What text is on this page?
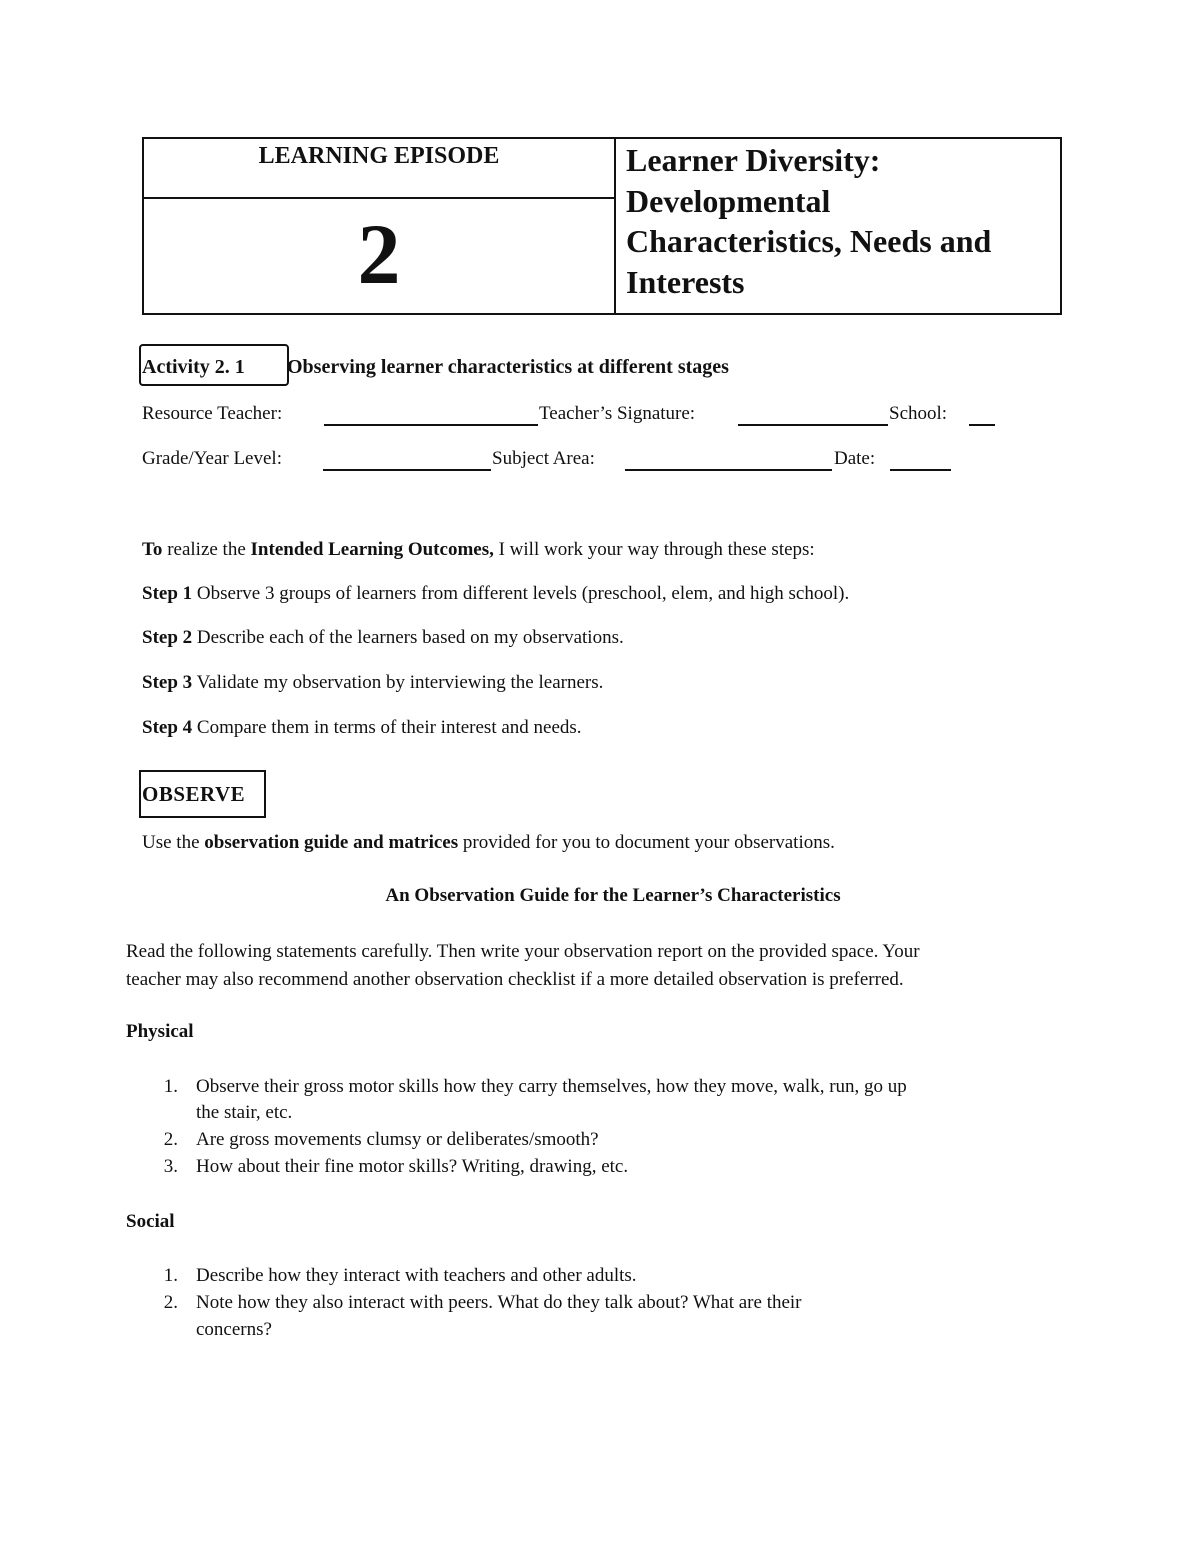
LEARNING EPISODE
2
Learner Diversity:
Developmental
Characteristics, Needs and
Interests
Activity 2. 1 Observing learner characteristics at different stages
Resource Teacher:	Teacher’s Signature:	School:
Grade/Year Level:	Subject Area:	Date:
To realize the Intended Learning Outcomes, I will work your way through these steps:
Step 1 Observe 3 groups of learners from different levels (preschool, elem, and high school).
Step 2 Describe each of the learners based on my observations.
Step 3 Validate my observation by interviewing the learners.
Step 4 Compare them in terms of their interest and needs.
OBSERVE
Use the observation guide and matrices provided for you to document your observations.
An Observation Guide for the Learner’s Characteristics
Read the following statements carefully. Then write your observation report on the provided space. Your
teacher may also recommend another observation checklist if a more detailed observation is preferred.
Physical
1. Observe their gross motor skills how they carry themselves, how they move, walk, run, go up
the stair, etc.
2. Are gross movements clumsy or deliberates/smooth?
3. How about their fine motor skills? Writing, drawing, etc.
Social
1. Describe how they interact with teachers and other adults.
2. Note how they also interact with peers. What do they talk about? What are their
concerns?
